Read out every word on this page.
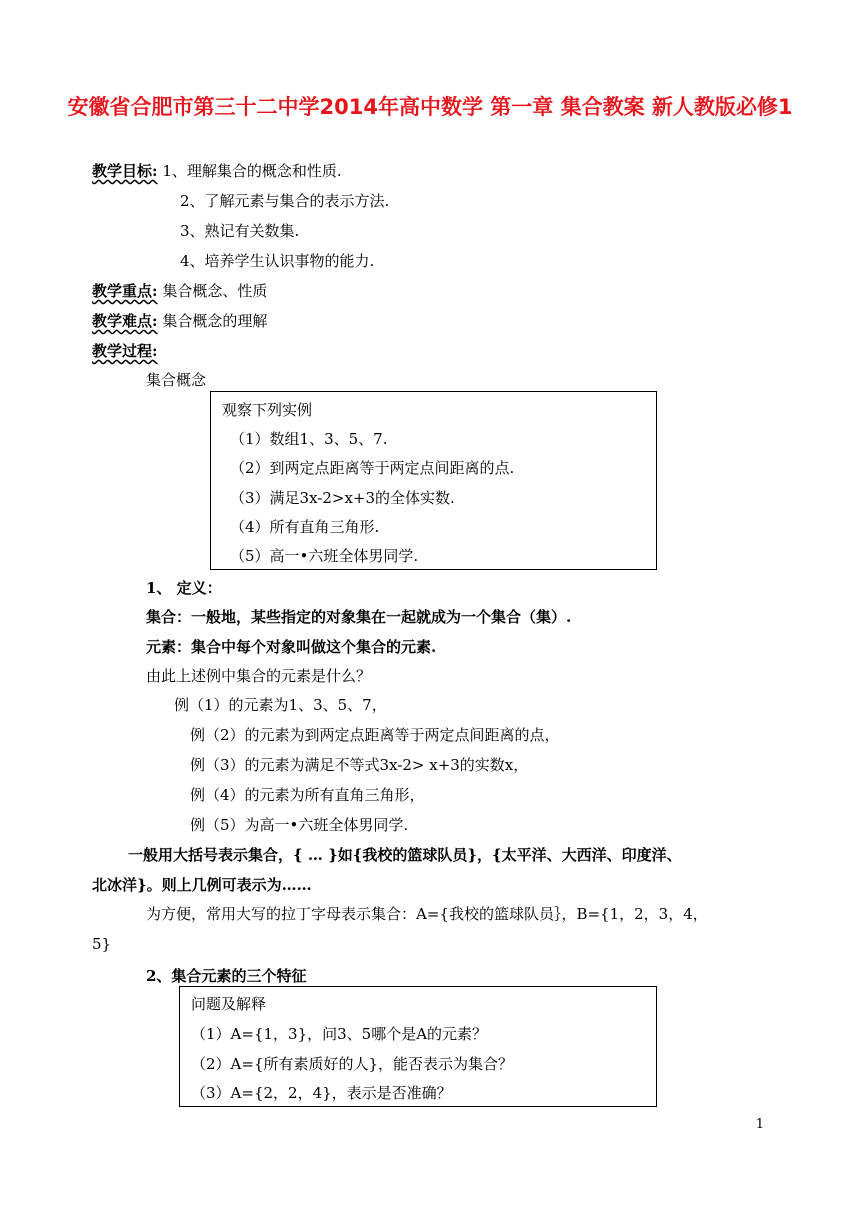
安徽省合肥市第三十二中学2014年高中数学 第一章 集合教案 新人教版必修1
教学目标: 1、理解集合的概念和性质.
2、了解元素与集合的表示方法.
3、熟记有关数集.
4、培养学生认识事物的能力.
教学重点: 集合概念、性质
教学难点: 集合概念的理解
教学过程:
集合概念
观察下列实例
（1）数组1、3、5、7.
（2）到两定点距离等于两定点间距离的点.
（3）满足3x-2>x+3的全体实数.
（4）所有直角三角形.
（5）高一•六班全体男同学.
1、 定义：
集合：一般地，某些指定的对象集在一起就成为一个集合（集）.
元素：集合中每个对象叫做这个集合的元素.
由此上述例中集合的元素是什么？
例（1）的元素为1、3、5、7，
例（2）的元素为到两定点距离等于两定点间距离的点，
例（3）的元素为满足不等式3x-2> x+3的实数x，
例（4）的元素为所有直角三角形，
例（5）为高一•六班全体男同学.
一般用大括号表示集合，{ … }如{我校的篮球队员}，{太平洋、大西洋、印度洋、
北冰洋}。则上几例可表示为……
为方便，常用大写的拉丁字母表示集合：A={我校的篮球队员｝，B={1，2，3，4，
5}
2、集合元素的三个特征
问题及解释
（1）A={1，3}，问3、5哪个是A的元素？
（2）A={所有素质好的人}，能否表示为集合？
（3）A={2，2，4}，表示是否准确？
1
